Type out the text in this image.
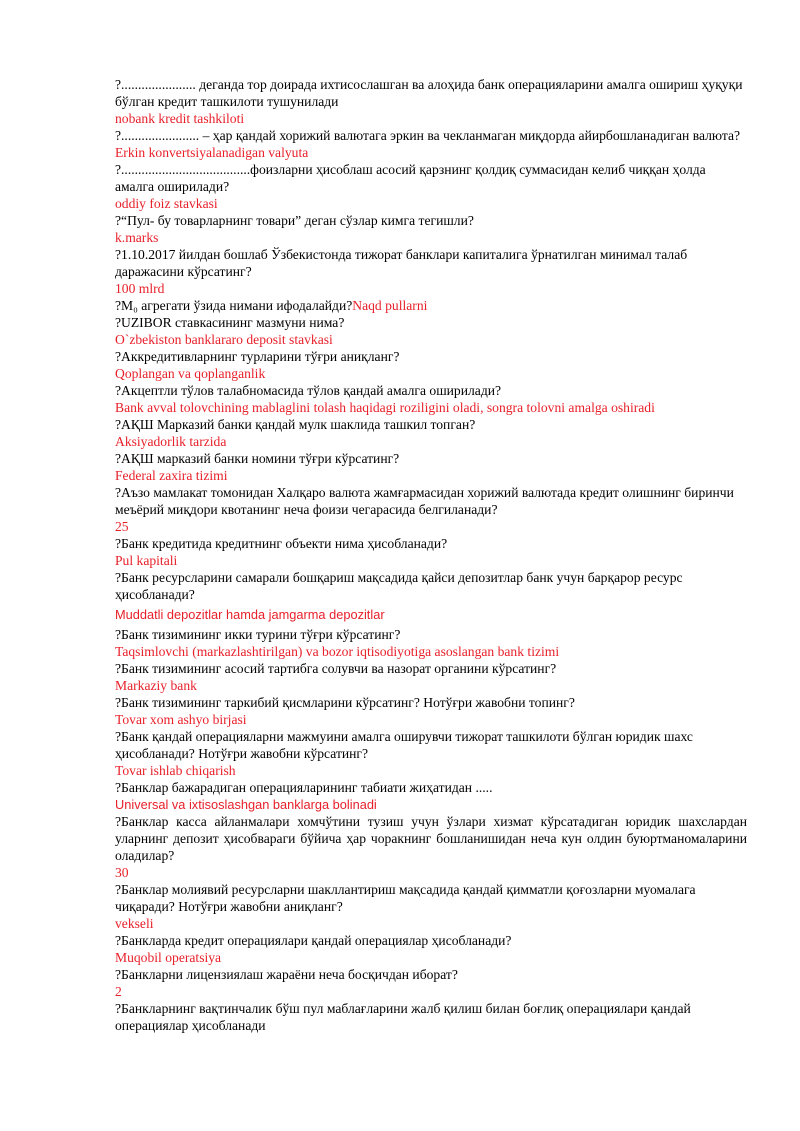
?...................... деганда тор доирада ихтисослашган ва алоҳида банк операцияларини амалга ошириш ҳуқуқи бўлган кредит ташкилоти тушунилади

nobank kredit tashkiloti

?....................... – ҳар қандай хорижий валютага эркин ва чекланмаган миқдорда айирбошланадиган валюта?

Erkin konvertsiyalanadigan valyuta

?......................................фоизларни ҳисоблаш асосий қарзнинг қолдиқ суммасидан келиб чиққан ҳолда амалга оширилади?

oddiy foiz stavkasi

?“Пул- бу товарларнинг товари” деган сўзлар кимга тегишли?

k.marks

?1.10.2017 йилдан бошлаб Ўзбекистонда тижорат банклари капиталига ўрнатилган минимал талаб даражасини кўрсатинг?

100 mlrd

?M₀ агрегати ўзида нимани ифодалайди?Naqd pullarni

?UZIBOR ставкасининг мазмуни нима?

O`zbekiston banklararo deposit stavkasi

?Аккредитивларнинг турларини тўғри аниқланг?

Qoplangan va qoplanganlik

?Акцептли тўлов талабномасида тўлов қандай амалга оширилади?

Bank avval tolovchining mablaglini tolash haqidagi roziligini oladi, songra tolovni amalga oshiradi

?АҚШ Марказий банки қандай мулк шаклида ташкил топган?

Aksiyadorlik tarzida

?АҚШ марказий банки номини тўғри кўрсатинг?

Federal zaxira tizimi

?Аъзо мамлакат томонидан Халқаро валюта жамғармасидан хорижий валютада кредит олишнинг биринчи меъёрий миқдори квотанинг неча фоизи чегарасида белгиланади?

25

?Банк кредитида кредитнинг объекти нима ҳисобланади?

Pul kapitali

?Банк ресурсларини самарали бошқариш мақсадида қайси депозитлар банк учун барқарор ресурс ҳисобланади?

Muddatli depozitlar hamda jamgarma depozitlar

?Банк тизимининг икки турини тўғри кўрсатинг?

Taqsimlovchi (markazlashtirilgan) va bozor iqtisodiyotiga asoslangan bank tizimi

?Банк тизимининг асосий тартибга солувчи ва назорат органини кўрсатинг?

Markaziy bank

?Банк тизимининг таркибий қисмларини кўрсатинг? Нотўғри жавобни топинг?

Tovar xom ashyo birjasi

?Банк қандай операцияларни мажмуини амалга оширувчи тижорат ташкилоти бўлган юридик шахс ҳисобланади? Нотўғри жавобни кўрсатинг?

Tovar ishlab chiqarish

?Банклар бажарадиган операцияларининг табиати жиҳатидан .....

Universal va ixtisoslashgan banklarga bolinadi

?Банклар касса айланмалари хомчўтини тузиш учун ўзлари хизмат кўрсатадиган юридик шахслардан уларнинг депозит ҳисобвараги бўйича ҳар чоракнинг бошланишидан неча кун олдин буюртманомаларини оладилар?

30

?Банклар молиявий ресурсларни шакллантириш мақсадида қандай қимматли қоғозларни муомалага чиқаради? Нотўғри жавобни аниқланг?

vekseli

?Банкларда кредит операциялари қандай операциялар ҳисобланади?

Muqobil operatsiya

?Банкларни лицензиялаш жараёни неча босқичдан иборат?

2

?Банкларнинг вақтинчалик бўш пул маблағларини жалб қилиш билан боғлиқ операциялари қандай операциялар ҳисобланади
